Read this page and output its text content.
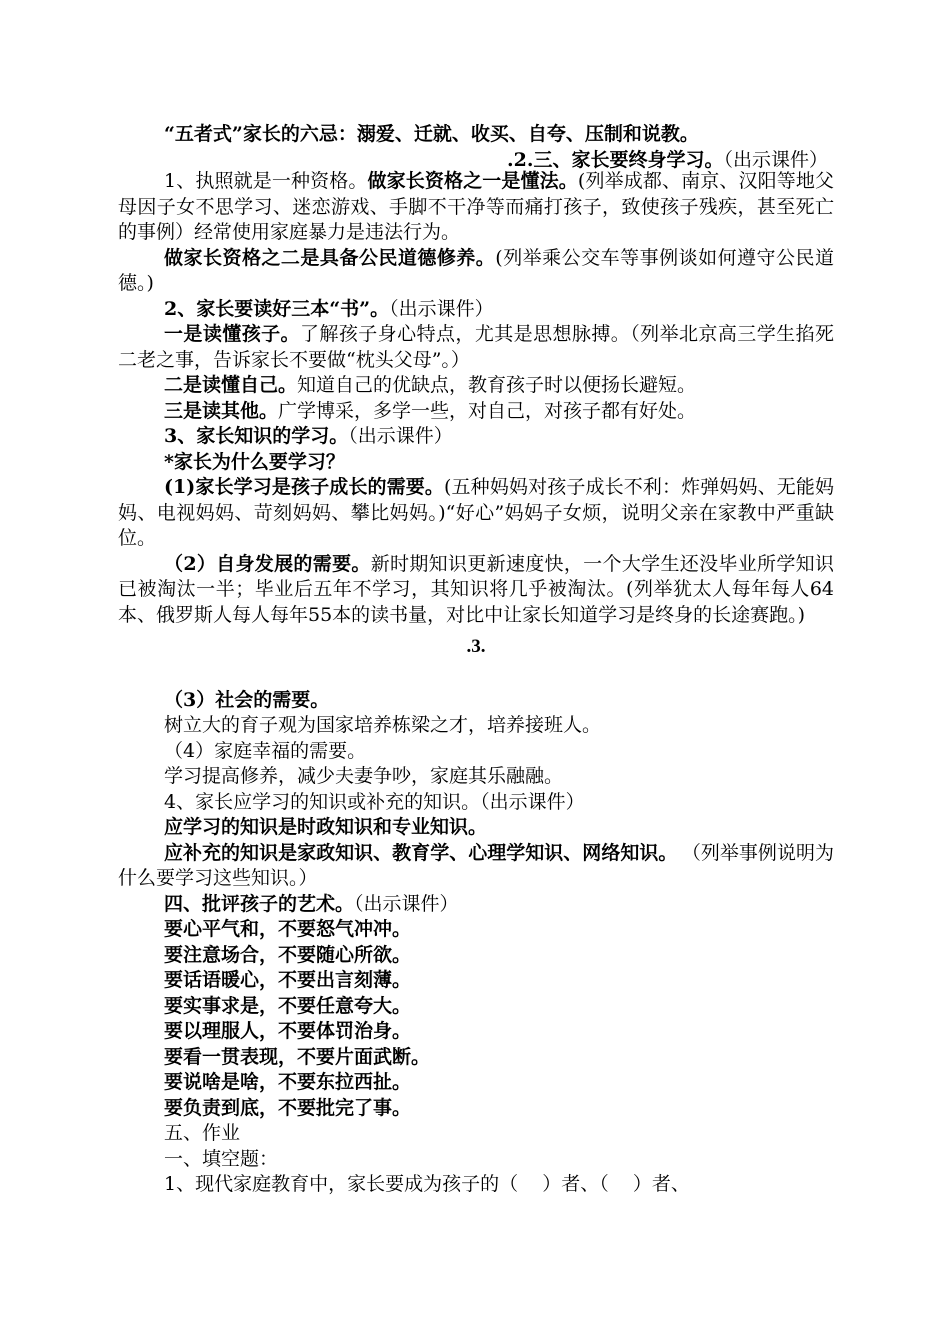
“五者式”家长的六忌：溺爱、迁就、收买、自夸、压制和说教。

.2.三、家长要终身学习。（出示课件）

1、执照就是一种资格。做家长资格之一是懂法。(列举成都、南京、汉阳等地父母因子女不思学习、迷恋游戏、手脚不干净等而痛打孩子，致使孩子残疾，甚至死亡的事例）经常使用家庭暴力是违法行为。

做家长资格之二是具备公民道德修养。(列举乘公交车等事例谈如何遵守公民道德。)

2、家长要读好三本“书”。（出示课件）

一是读懂孩子。了解孩子身心特点，尤其是思想脉搏。（列举北京高三学生掐死二老之事，告诉家长不要做“枕头父母”。）

二是读懂自己。知道自己的优缺点，教育孩子时以便扬长避短。

三是读其他。广学博采，多学一些，对自己，对孩子都有好处。

3、家长知识的学习。（出示课件）

*家长为什么要学习？

(1)家长学习是孩子成长的需要。(五种妈妈对孩子成长不利：炸弹妈妈、无能妈妈、电视妈妈、苛刻妈妈、攀比妈妈。)“好心”妈妈子女烦，说明父亲在家教中严重缺位。

（2）自身发展的需要。新时期知识更新速度快，一个大学生还没毕业所学知识已被淘汰一半；毕业后五年不学习，其知识将几乎被淘汰。(列举犹太人每年每人64本、俄罗斯人每人每年55本的读书量，对比中让家长知道学习是终身的长途赛跑。)

.3.

（3）社会的需要。

树立大的育子观为国家培养栋梁之才，培养接班人。

（4）家庭幸福的需要。

学习提高修养，减少夫妻争吵，家庭其乐融融。

4、家长应学习的知识或补充的知识。（出示课件）

应学习的知识是时政知识和专业知识。

应补充的知识是家政知识、教育学、心理学知识、网络知识。 （列举事例说明为什么要学习这些知识。）

四、批评孩子的艺术。（出示课件）

要心平气和，不要怒气冲冲。

要注意场合，不要随心所欲。

要话语暖心，不要出言刻薄。

要实事求是，不要任意夸大。

要以理服人，不要体罚治身。

要看一贯表现，不要片面武断。

要说啥是啥，不要东拉西扯。

要负责到底，不要批完了事。

五、作业

一、填空题：

1、现代家庭教育中，家长要成为孩子的（    ）者、（    ）者、
